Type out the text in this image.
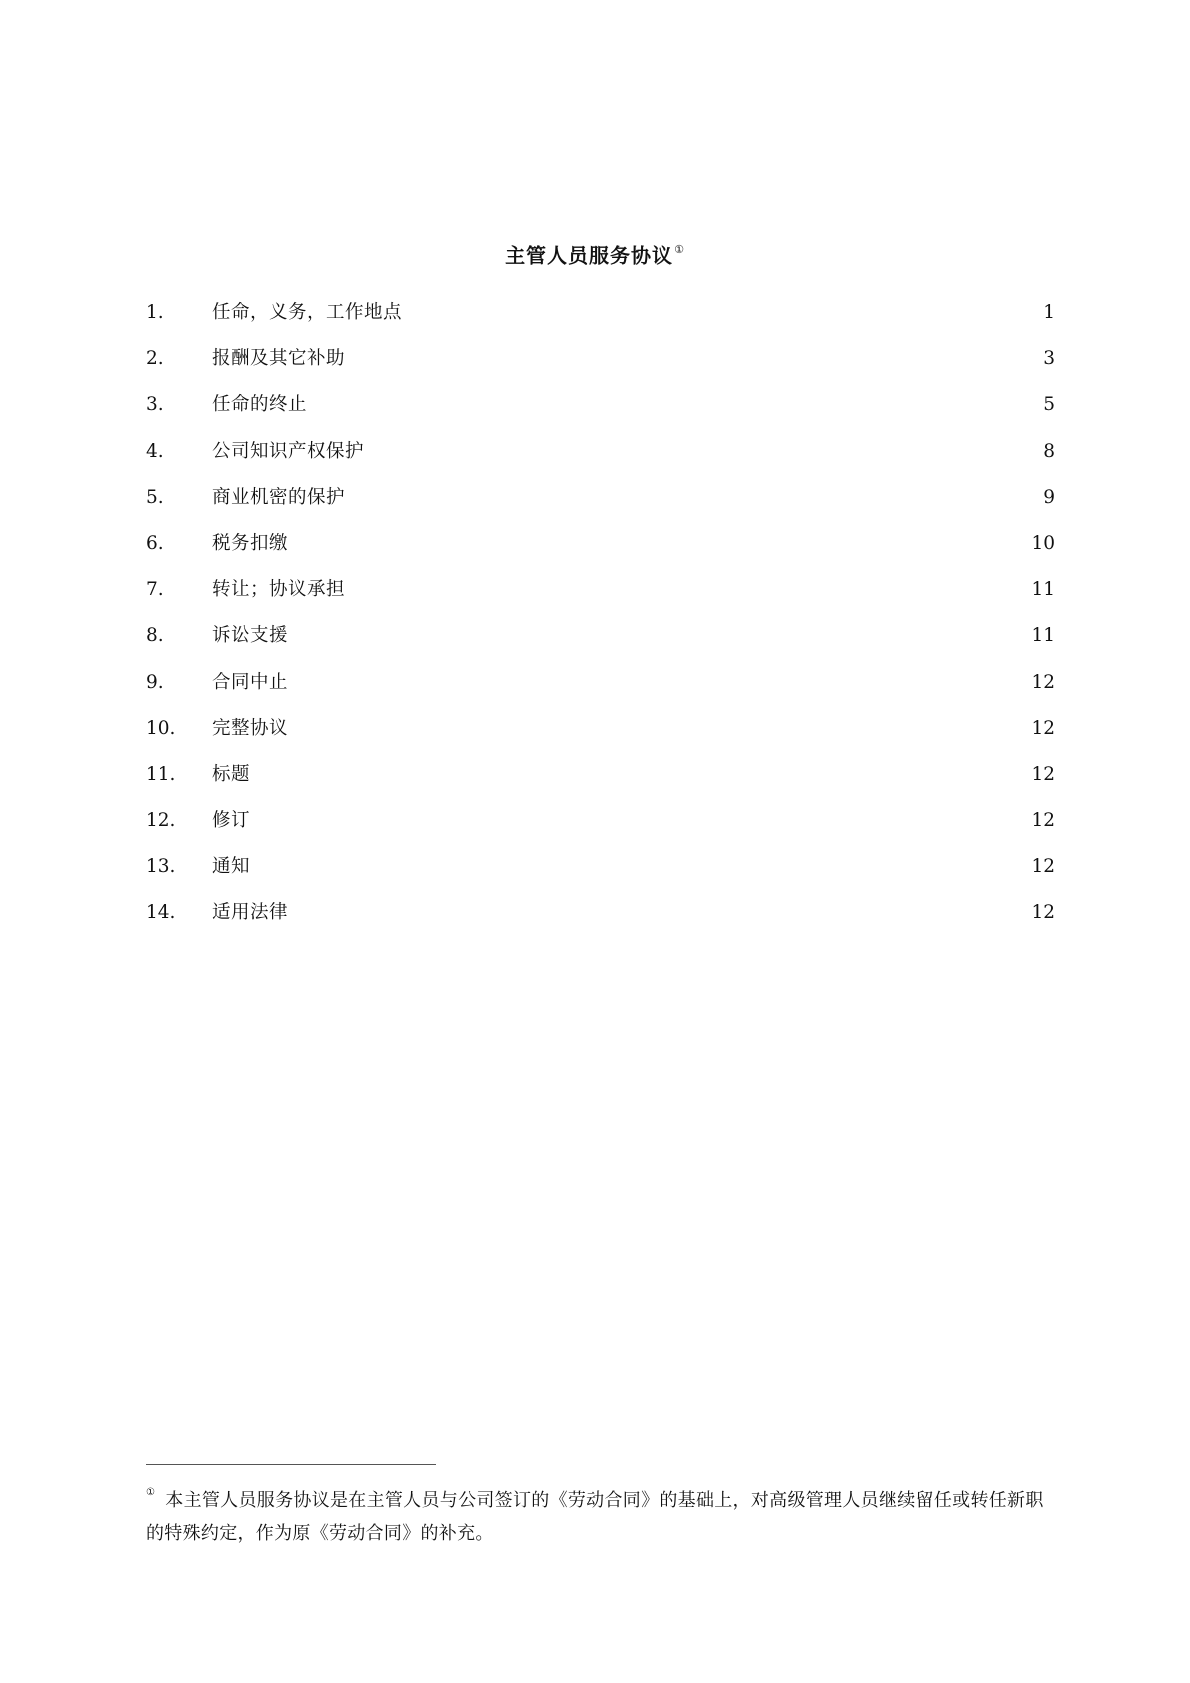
主管人员服务协议①
1.	任命，义务，工作地点	1
2.	报酬及其它补助	3
3.	任命的终止	5
4.	公司知识产权保护	8
5.	商业机密的保护	9
6.	税务扣缴	10
7.	转让；协议承担	11
8.	诉讼支援	11
9.	合同中止	12
10.	完整协议	12
11.	标题	12
12.	修订	12
13.	通知	12
14.	适用法律	12
① 本主管人员服务协议是在主管人员与公司签订的《劳动合同》的基础上，对高级管理人员继续留任或转任新职的特殊约定，作为原《劳动合同》的补充。
